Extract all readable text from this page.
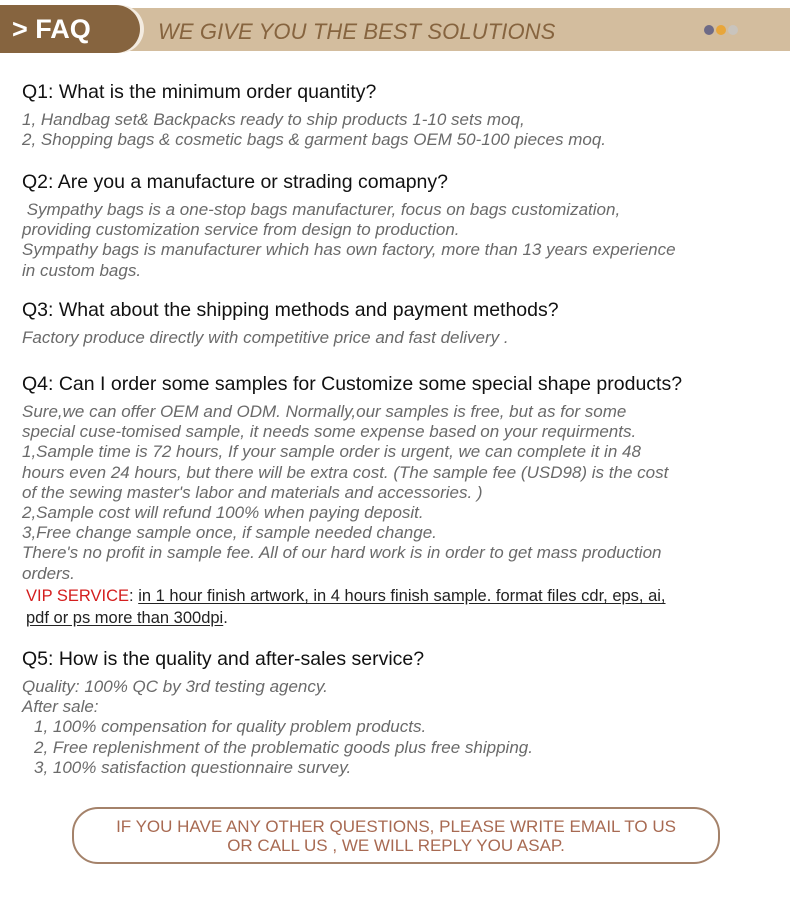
> FAQ	WE GIVE YOU THE BEST SOLUTIONS
Q1: What is the minimum order quantity?
1, Handbag set& Backpacks ready to ship products 1-10 sets moq,
2, Shopping bags & cosmetic bags & garment bags OEM 50-100 pieces moq.
Q2: Are you a manufacture or strading comapny?
Sympathy bags is a one-stop bags manufacturer, focus on bags customization,
providing customization service from design to production.
Sympathy bags is manufacturer which has own factory, more than 13 years experience
in custom bags.
Q3: What about the shipping methods and payment methods?
Factory produce directly with competitive price and fast delivery .
Q4: Can I order some samples for Customize some special shape products?
Sure,we can offer OEM and ODM. Normally,our samples is free, but as for some
special cuse-tomised sample, it needs some expense based on your requirments.
1,Sample time is 72 hours, If your sample order is urgent, we can complete it in 48
hours even 24 hours, but there will be extra cost. (The sample fee (USD98) is the cost
of the sewing master's labor and materials and accessories. )
2,Sample cost will refund 100% when paying deposit.
3,Free change sample once, if sample needed change.
There's no profit in sample fee. All of our hard work is in order to get mass production
orders.
VIP SERVICE: in 1 hour finish artwork, in 4 hours finish sample. format files cdr, eps, ai,
pdf or ps more than 300dpi.
Q5: How is the quality and after-sales service?
Quality: 100% QC by 3rd testing agency.
After sale:
1, 100% compensation for quality problem products.
2, Free replenishment of the problematic goods plus free shipping.
3, 100% satisfaction questionnaire survey.
IF YOU HAVE ANY OTHER QUESTIONS, PLEASE WRITE EMAIL TO US
OR CALL US , WE WILL REPLY YOU ASAP.
